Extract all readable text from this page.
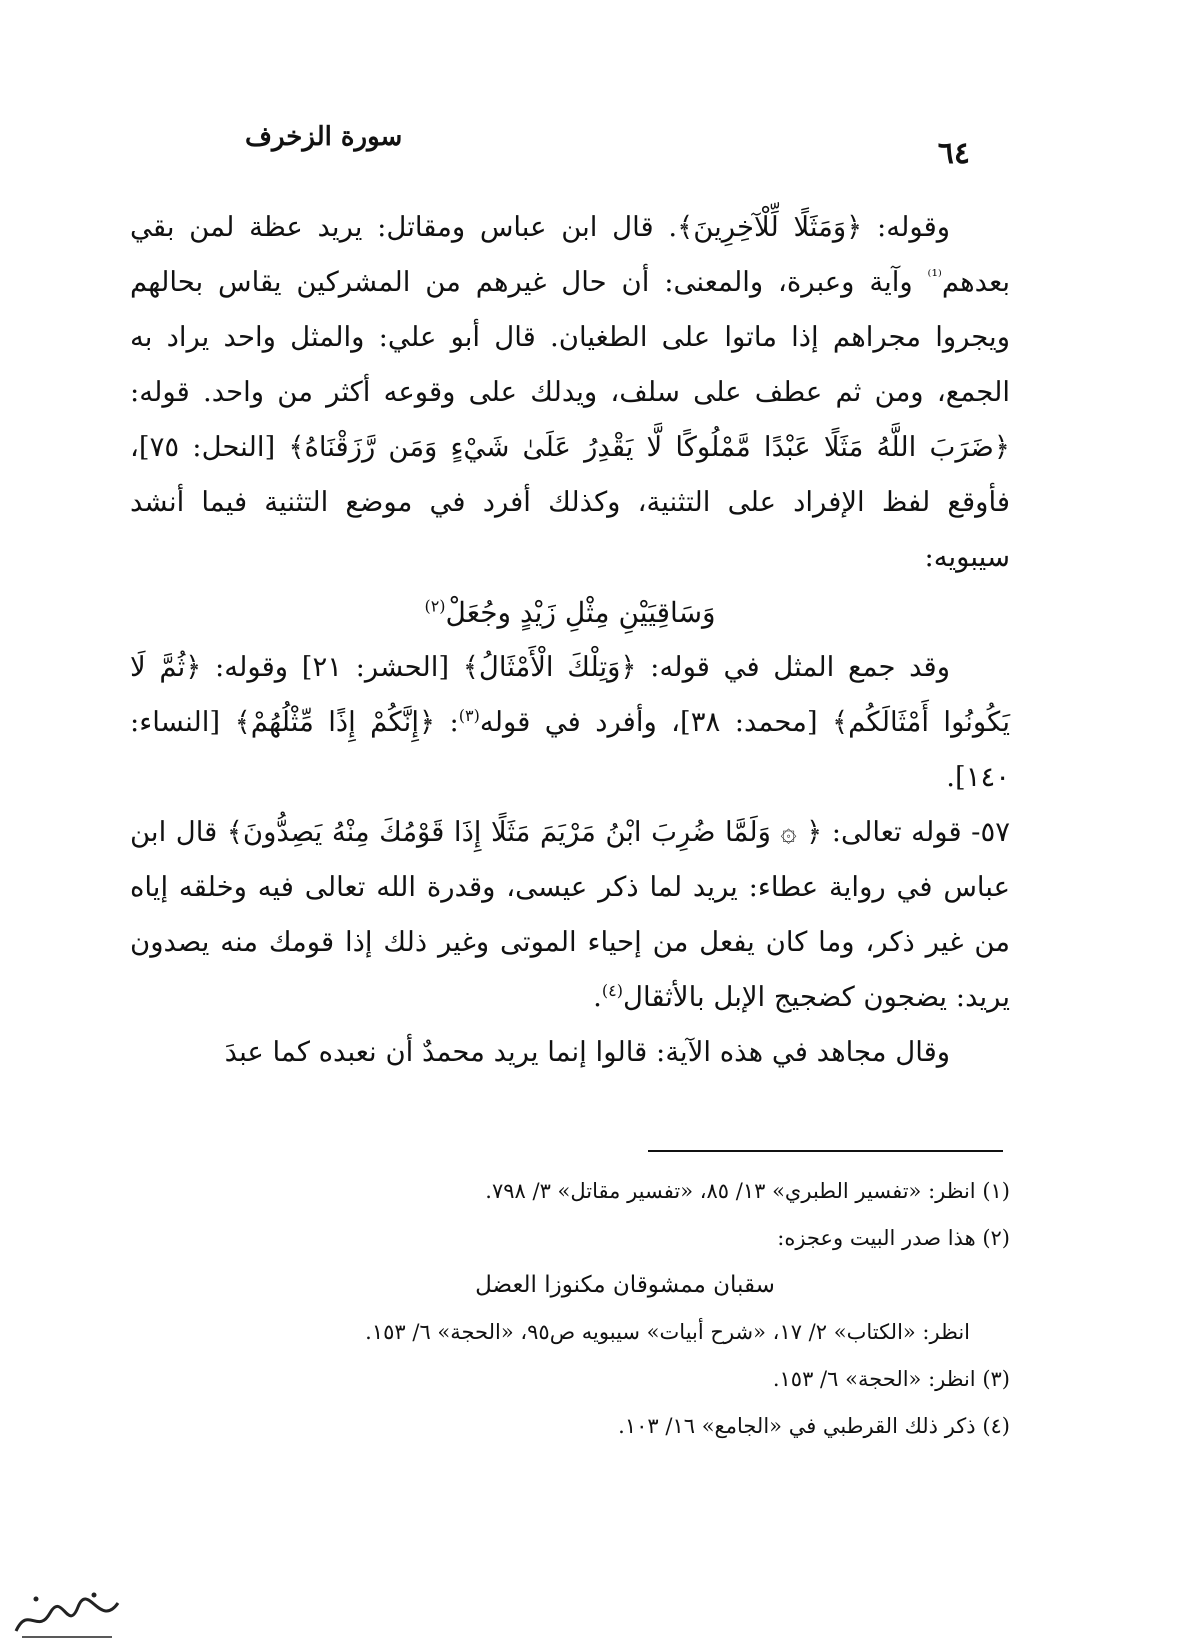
سورة الزخرف	٦٤

وقوله: ﴿وَمَثَلًا لِّلْآخِرِينَ﴾. قال ابن عباس ومقاتل: يريد عظة لمن بقي بعدهم$^{^{(1)}}$ وآية وعبرة، والمعنى: أن حال غيرهم من المشركين يقاس بحالهم ويجروا مجراهم إذا ماتوا على الطغيان. قال أبو علي: والمثل واحد يراد به الجمع، ومن ثم عطف على سلف، ويدلك على وقوعه أكثر من واحد. قوله: ﴿ضَرَبَ اللَّهُ مَثَلًا عَبْدًا مَّمْلُوكًا لَّا يَقْدِرُ عَلَىٰ شَيْءٍ وَمَن رَّزَقْنَاهُ﴾ [النحل: ٧٥]، فأوقع لفظ الإفراد على التثنية، وكذلك أفرد في موضع التثنية فيما أنشد سيبويه:

وَسَاقِيَيْنِ مِثْلِ زَيْدٍ وجُعَلْ$^{(٢)}$

وقد جمع المثل في قوله: ﴿وَتِلْكَ الْأَمْثَالُ﴾ [الحشر: ٢١] وقوله: ﴿ثُمَّ لَا يَكُونُوا أَمْثَالَكُم﴾ [محمد: ٣٨]، وأفرد في قوله$^{(٣)}$: ﴿إِنَّكُمْ إِذًا مِّثْلُهُمْ﴾ [النساء: ١٤٠].

٥٧- قوله تعالى: ﴿ ۞ وَلَمَّا ضُرِبَ ابْنُ مَرْيَمَ مَثَلًا إِذَا قَوْمُكَ مِنْهُ يَصِدُّونَ﴾ قال ابن عباس في رواية عطاء: يريد لما ذكر عيسى، وقدرة الله تعالى فيه وخلقه إياه من غير ذكر، وما كان يفعل من إحياء الموتى وغير ذلك إذا قومك منه يصدون يريد: يضجون كضجيج الإبل بالأثقال$^{(٤)}$.

وقال مجاهد في هذه الآية: قالوا إنما يريد محمدٌ أن نعبده كما عبدَ

(١) انظر: «تفسير الطبري» ١٣/ ٨٥، «تفسير مقاتل» ٣/ ٧٩٨.

(٢) هذا صدر البيت وعجزه:

سقبان ممشوقان مكنوزا العضل

انظر: «الكتاب» ٢/ ١٧، «شرح أبيات» سيبويه ص٩٥، «الحجة» ٦/ ١٥٣.

(٣) انظر: «الحجة» ٦/ ١٥٣.

(٤) ذكر ذلك القرطبي في «الجامع» ١٦/ ١٠٣.
